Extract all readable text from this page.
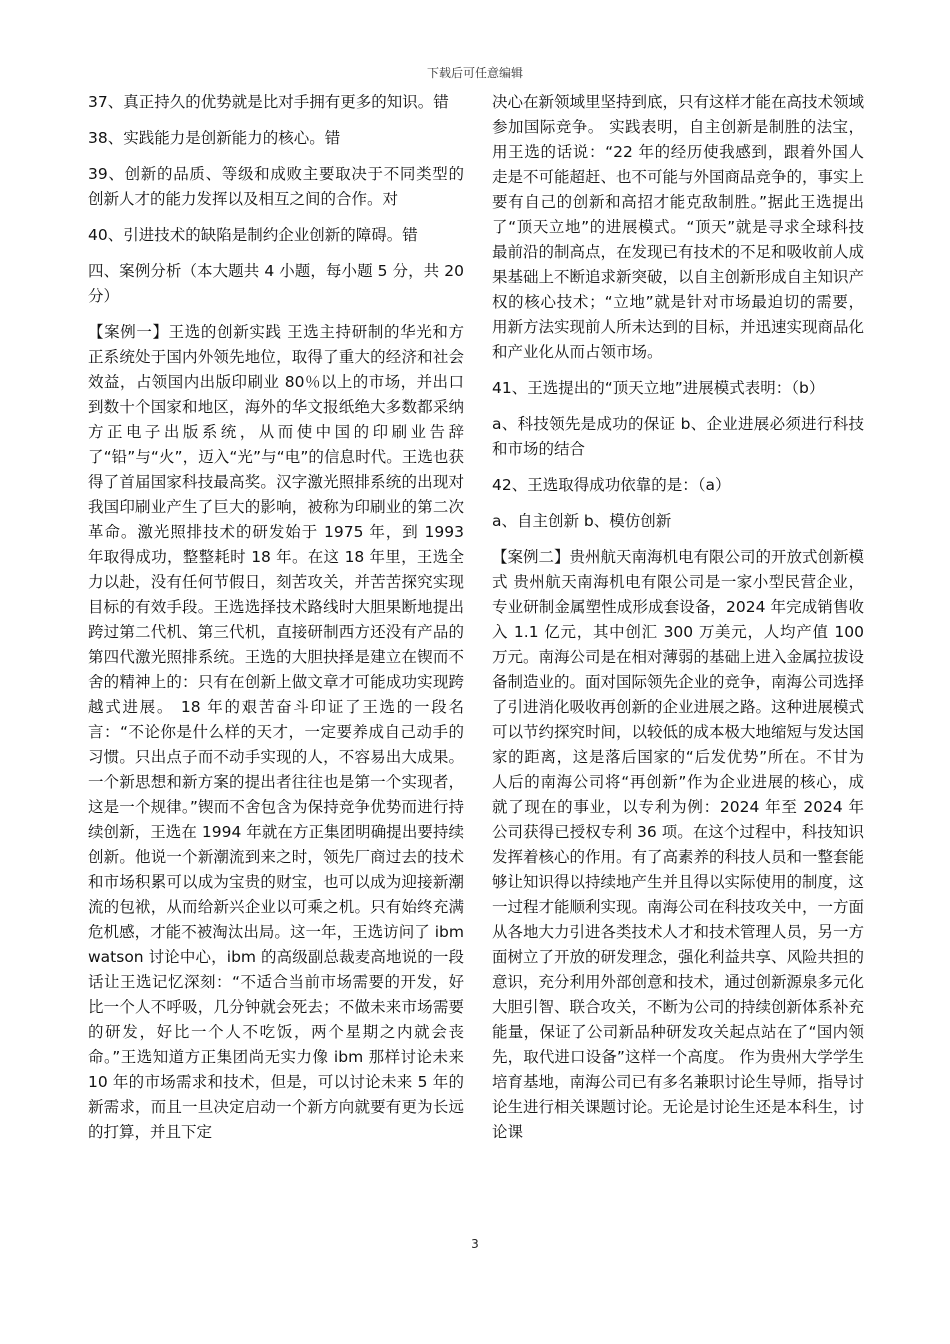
下载后可任意编辑

37、真正持久的优势就是比对手拥有更多的知识。错

38、实践能力是创新能力的核心。错

39、创新的品质、等级和成败主要取决于不同类型的创新人才的能力发挥以及相互之间的合作。对

40、引进技术的缺陷是制约企业创新的障碍。错

四、案例分析（本大题共 4 小题，每小题 5 分，共 20 分）

【案例一】王选的创新实践 王选主持研制的华光和方正系统处于国内外领先地位，取得了重大的经济和社会效益，占领国内出版印刷业 80％以上的市场，并出口到数十个国家和地区，海外的华文报纸绝大多数都采纳方正电子出版系统，从而使中国的印刷业告辞了“铅”与“火”，迈入“光”与“电”的信息时代。王选也获得了首届国家科技最高奖。汉字激光照排系统的出现对我国印刷业产生了巨大的影响，被称为印刷业的第二次革命。激光照排技术的研发始于 1975 年，到 1993 年取得成功，整整耗时 18 年。在这 18 年里，王选全力以赴，没有任何节假日，刻苦攻关，并苦苦探究实现目标的有效手段。王选选择技术路线时大胆果断地提出跨过第二代机、第三代机，直接研制西方还没有产品的第四代激光照排系统。王选的大胆抉择是建立在锲而不舍的精神上的：只有在创新上做文章才可能成功实现跨越式进展。 18 年的艰苦奋斗印证了王选的一段名言：“不论你是什么样的天才，一定要养成自己动手的习惯。只出点子而不动手实现的人，不容易出大成果。一个新思想和新方案的提出者往往也是第一个实现者，这是一个规律。”锲而不舍包含为保持竞争优势而进行持续创新，王选在 1994 年就在方正集团明确提出要持续创新。他说一个新潮流到来之时，领先厂商过去的技术和市场积累可以成为宝贵的财宝，也可以成为迎接新潮流的包袱，从而给新兴企业以可乘之机。只有始终充满危机感，才能不被淘汰出局。这一年，王选访问了 ibmwatson 讨论中心，ibm 的高级副总裁麦高地说的一段话让王选记忆深刻：“不适合当前市场需要的开发，好比一个人不呼吸，几分钟就会死去；不做未来市场需要的研发，好比一个人不吃饭，两个星期之内就会丧命。”王选知道方正集团尚无实力像 ibm 那样讨论未来 10 年的市场需求和技术，但是，可以讨论未来 5 年的新需求，而且一旦决定启动一个新方向就要有更为长远的打算，并且下定

决心在新领域里坚持到底，只有这样才能在高技术领域参加国际竞争。 实践表明，自主创新是制胜的法宝，用王选的话说：“22 年的经历使我感到，跟着外国人走是不可能超赶、也不可能与外国商品竞争的，事实上要有自己的创新和高招才能克敌制胜。”据此王选提出了“顶天立地”的进展模式。“顶天”就是寻求全球科技最前沿的制高点，在发现已有技术的不足和吸收前人成果基础上不断追求新突破，以自主创新形成自主知识产权的核心技术；“立地”就是针对市场最迫切的需要，用新方法实现前人所未达到的目标，并迅速实现商品化和产业化从而占领市场。

41、王选提出的“顶天立地”进展模式表明：（b）

a、科技领先是成功的保证 b、企业进展必须进行科技和市场的结合

42、王选取得成功依靠的是：（a）

a、自主创新 b、模仿创新

【案例二】贵州航天南海机电有限公司的开放式创新模式 贵州航天南海机电有限公司是一家小型民营企业，专业研制金属塑性成形成套设备，2024 年完成销售收入 1.1 亿元，其中创汇 300 万美元，人均产值 100 万元。南海公司是在相对薄弱的基础上进入金属拉拔设备制造业的。面对国际领先企业的竞争，南海公司选择了引进消化吸收再创新的企业进展之路。这种进展模式可以节约探究时间，以较低的成本极大地缩短与发达国家的距离，这是落后国家的“后发优势”所在。不甘为人后的南海公司将“再创新”作为企业进展的核心，成就了现在的事业，以专利为例：2024 年至 2024 年公司获得已授权专利 36 项。在这个过程中，科技知识发挥着核心的作用。有了高素养的科技人员和一整套能够让知识得以持续地产生并且得以实际使用的制度，这一过程才能顺利实现。南海公司在科技攻关中，一方面从各地大力引进各类技术人才和技术管理人员，另一方面树立了开放的研发理念，强化利益共享、风险共担的意识，充分利用外部创意和技术，通过创新源泉多元化大胆引智、联合攻关，不断为公司的持续创新体系补充能量，保证了公司新品种研发攻关起点站在了“国内领先，取代进口设备”这样一个高度。 作为贵州大学学生培育基地，南海公司已有多名兼职讨论生导师，指导讨论生进行相关课题讨论。无论是讨论生还是本科生，讨论课

3
